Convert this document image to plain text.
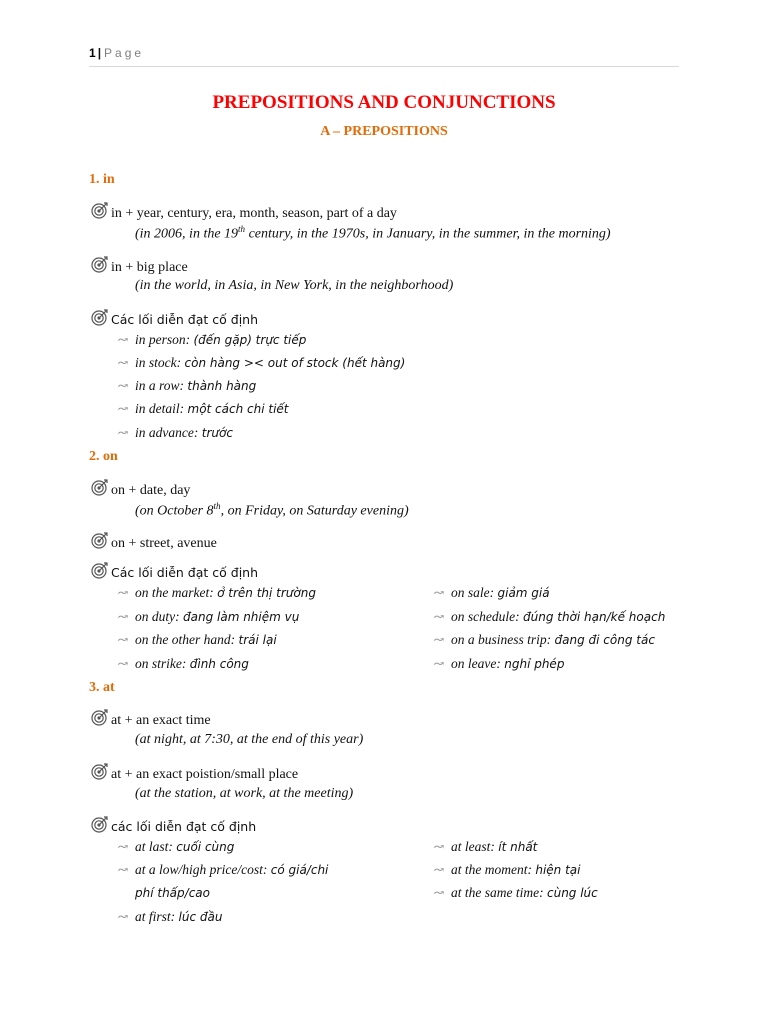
1 | Page
PREPOSITIONS AND CONJUNCTIONS
A – PREPOSITIONS
1. in
in + year, century, era, month, season, part of a day
(in 2006, in the 19th century, in the 1970s, in January, in the summer, in the morning)
in + big place
(in the world, in Asia, in New York, in the neighborhood)
Các lối diễn đạt cố định
↝ in person: (đến gặp) trực tiếp
↝ in stock: còn hàng >< out of stock (hết hàng)
↝ in a row: thành hàng
↝ in detail: một cách chi tiết
↝ in advance: trước
2. on
on + date, day
(on October 8th, on Friday, on Saturday evening)
on + street, avenue
Các lối diễn đạt cố định
↝ on the market: ở trên thị trường
↝ on duty: đang làm nhiệm vụ
↝ on the other hand: trái lại
↝ on strike: đình công
↝ on sale: giảm giá
↝ on schedule: đúng thời hạn/kế hoạch
↝ on a business trip: đang đi công tác
↝ on leave: nghỉ phép
3. at
at + an exact time
(at night, at 7:30, at the end of this year)
at + an exact poistion/small place
(at the station, at work, at the meeting)
các lối diễn đạt cố định
↝ at last: cuối cùng
↝ at a low/high price/cost: có giá/chi
phí thấp/cao
↝ at first: lúc đầu
↝ at least: ít nhất
↝ at the moment: hiện tại
↝ at the same time: cùng lúc
